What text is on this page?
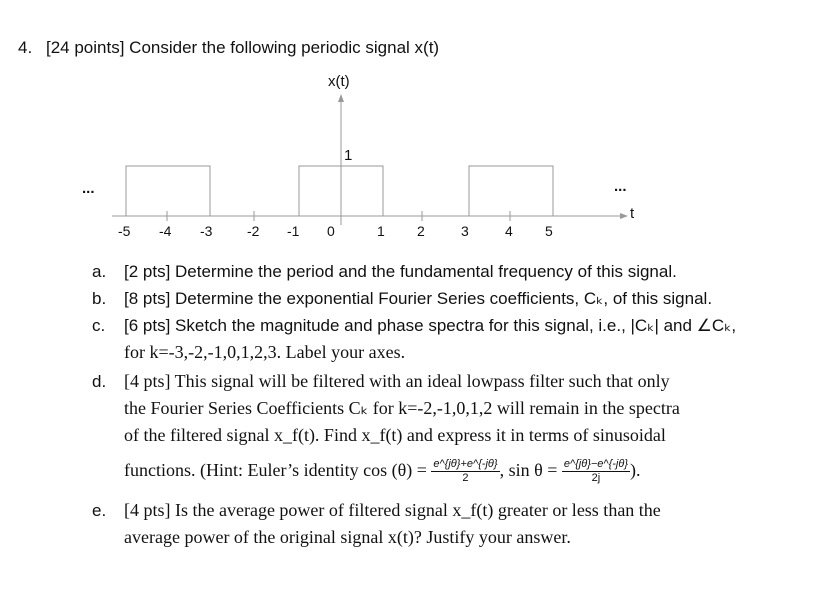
4. [24 points] Consider the following periodic signal x(t)
x(t)
t
1
...	...
-5 -4 -3 -2 -1 0	1 2	3	4 5
a.	[2 pts] Determine the period and the fundamental frequency of this signal.
b.	[8 pts] Determine the exponential Fourier Series coefficients, Cₖ, of this signal.
c.	[6 pts] Sketch the magnitude and phase spectra for this signal, i.e., |Cₖ| and ∠Cₖ,
for k=-3,-2,-1,0,1,2,3. Label your axes.
d. [4 pts] This signal will be filtered with an ideal lowpass filter such that only
the Fourier Series Coefficients Cₖ for k=-2,-1,0,1,2 will remain in the spectra
of the filtered signal x_f(t). Find x_f(t) and express it in terms of sinusoidal
functions. (Hint: Euler’s identity $\cos (\theta) = \frac{e\^{}\{j\theta\}+e\^{}\{-j\theta\}}{2}$ , $\sin \theta = \frac{e\^{}\{j\theta\}-e\^{}\{-j\theta\}}{2j}$ ).
e. [4 pts] Is the average power of filtered signal x_f(t) greater or less than the
average power of the original signal x(t)? Justify your answer.
